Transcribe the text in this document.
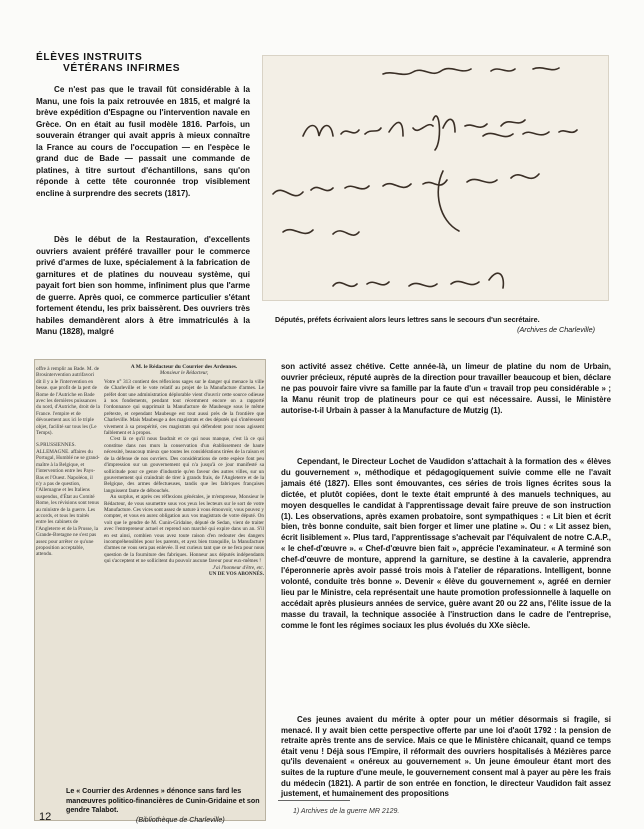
ÉLÈVES INSTRUITS
VÉTÉRANS INFIRMES

Ce n'est pas que le travail fût considérable à la Manu, une fois la paix retrouvée en 1815, et malgré la brève expédition d'Espagne ou l'intervention navale en Grèce. On en était au fusil modèle 1816. Parfois, un souverain étranger qui avait appris à mieux connaître la France au cours de l'occupation — en l'espèce le grand duc de Bade — passait une commande de platines, à titre surtout d'échantillons, sans qu'on réponde à cette tête couronnée trop visiblement encline à surprendre des secrets (1817).

Dès le début de la Restauration, d'excellents ouvriers avaient préféré travailler pour le commerce privé d'armes de luxe, spécialement à la fabrication de garnitures et de platines du nouveau système, qui payait fort bien son homme, infiniment plus que l'arme de guerre. Après quoi, ce commerce particulier s'étant fortement étendu, les prix baissèrent. Des ouvriers très habiles demandèrent alors à être immatriculés à la Manu (1828), malgré

Députés, préfets écrivaient alors leurs lettres sans le secours d'un secrétaire.
(Archives de Charleville)
offre à remplir au Bade. M. de Brosintervention autrifavori dit il y a le l'intervention en besse. que profit de la pert de Rome de l'Autriche en Bade avec les dernières puissances du nord, d'Autriche, droit de la France. l'empire et de dévouement aux ici le triple objet, facilité sur tous les (Le Temps).
S.PRUSSIENNES. ALLEMAGNE. affaires du Portugal, Humblé ne se grand-maître à la Belgique, et l'intervention entre les Pays-Bas et l'Ouest. Napoléon, il n'y a pas de question, l'Allemagne et les Italiens suspendus, d'État au Comité Rome, les révisions sont tenus au ministre de la guerre. Les accords, et tous les traités entre les cabinets de l'Angleterre et de la Prusse, la Grande-Bretagne ne s'est pas assez pour arrêter ce qu'une proposition acceptable, attendu.
A M. le Rédacteur du Courrier des Ardennes.
Monsieur le Rédacteur,
Votre n° 313 contient des réflexions sages sur le danger qui menace la ville de Charleville et le vote relatif au projet de la Manufacture d'armes. Le préfet dont une administration déplorable vient d'ouvrir cette source odieuse à nos fondements, pendant tout récemment encore on a rapporté l'ordonnance qui supprimait la Manufacture de Maubeuge sous le même prétexte, et cependant Maubeuge est tout aussi près de la frontière que Charleville. Mais Maubeuge a des magistrats et des députés qui s'intéressent vivement à sa prospérité, ces magistrats qui défendent pour nous agissent faiblement et à propos.
C'est là ce qu'il nous faudrait et ce qui nous manque, c'est là ce qui constitue dans nos murs la conservation d'un établissement de haute nécessité, beaucoup mieux que toutes les considérations tirées de la raison et de la défense de nos ouvriers. Des considérations de cette espèce font peu d'impression sur un gouvernement qui n'a jusqu'à ce jour manifesté sa sollicitude pour ce genre d'industrie qu'en faveur des autres villes, sur un gouvernement qui craindrait de tirer à grands frais, de l'Angleterre et de la Belgique, des armes défectueuses, tandis que les fabriques françaises languissent faute de débouchés.
Au surplus, et après ces réflexions générales, je m'empresse, Monsieur le Rédacteur, de vous soumettre sous vos yeux les lecteurs sur le sort de votre Manufacture. Ces vices sont assez de nature à vous émouvoir, vous pouvez y compter, et vous en aurez obligation aux vos magistrats de votre député. On voit que le gendre de M. Cunin-Gridaine, député de Sedan, vient de traiter avec l'entrepreneur actuel et reprend son marché qui expire dans un an. S'il en est ainsi, combien vous avez toute raison d'en redouter des dangers incompréhensibles pour les parents, et ayez bien tranquille, la Manufacture d'armes ne vous sera pas enlevée. Il est curieux tant que ce ne fera pour nous question de la fourniture des fabriques. Honneur aux députés indépendants qui s'acceptent et ne sollicitent du pouvoir aucune faveur pour eux-mêmes !
J'ai l'honneur d'être, etc.
UN DE VOS ABONNÉS.
Le « Courrier des Ardennes » dénonce sans fard les manœuvres politico-financières de Cunin-Gridaine et son gendre Talabot.
(Bibliothèque de Charleville)

son activité assez chétive. Cette année-là, un limeur de platine du nom de Urbain, ouvrier précieux, réputé auprès de la direction pour travailler beaucoup et bien, déclare ne pas pouvoir faire vivre sa famille par la faute d'un « travail trop peu considérable » ; la Manu réunit trop de platineurs pour ce qui est nécessaire. Aussi, le Ministère autorise-t-il Urbain à passer à la Manufacture de Mutzig (1).

Cependant, le Directeur Lochet de Vaudidon s'attachait à la formation des « élèves du gouvernement », méthodique et pédagogiquement suivie comme elle ne l'avait jamais été (1827). Elles sont émouvantes, ces séries de trois lignes écrites sous la dictée, et plutôt copiées, dont le texte était emprunté à des manuels techniques, au moyen desquelles le candidat à l'apprentissage devait faire preuve de son instruction (1). Les observations, après examen probatoire, sont sympathiques : « Lit bien et écrit bien, très bonne conduite, sait bien forger et limer une platine ». Ou : « Lit assez bien, écrit lisiblement ». Plus tard, l'apprentissage s'achevait par l'équivalent de notre C.A.P., « le chef-d'œuvre ». « Chef-d'œuvre bien fait », apprécie l'examinateur. « A terminé son chef-d'œuvre de monture, apprend la garniture, se destine à la cavalerie, apprendra l'éperonnerie après avoir passé trois mois à l'atelier de réparations. Intelligent, bonne volonté, conduite très bonne ». Devenir « élève du gouvernement », agréé en dernier lieu par le Ministre, cela représentait une haute promotion professionnelle à laquelle on accédait après plusieurs années de service, guère avant 20 ou 22 ans, l'élite issue de la masse du travail, la technique associée à l'instruction dans le cadre de l'entreprise, comme le font les régimes sociaux les plus évolués du XXe siècle.

Ces jeunes avaient du mérite à opter pour un métier désormais si fragile, si menacé. Il y avait bien cette perspective offerte par une loi d'août 1792 : la pension de retraite après trente ans de service. Mais ce que le Ministère chicanait, quand ce temps était venu ! Déjà sous l'Empire, il réformait des ouvriers hospitalisés à Mézières parce qu'ils devenaient « onéreux au gouvernement ». Un jeune émouleur étant mort des suites de la rupture d'une meule, le gouvernement consent mal à payer au père les frais du médecin (1821). A partir de son entrée en fonction, le directeur Vaudidon fait assez justement, et humainement des propositions

1) Archives de la guerre MR 2129.
12
